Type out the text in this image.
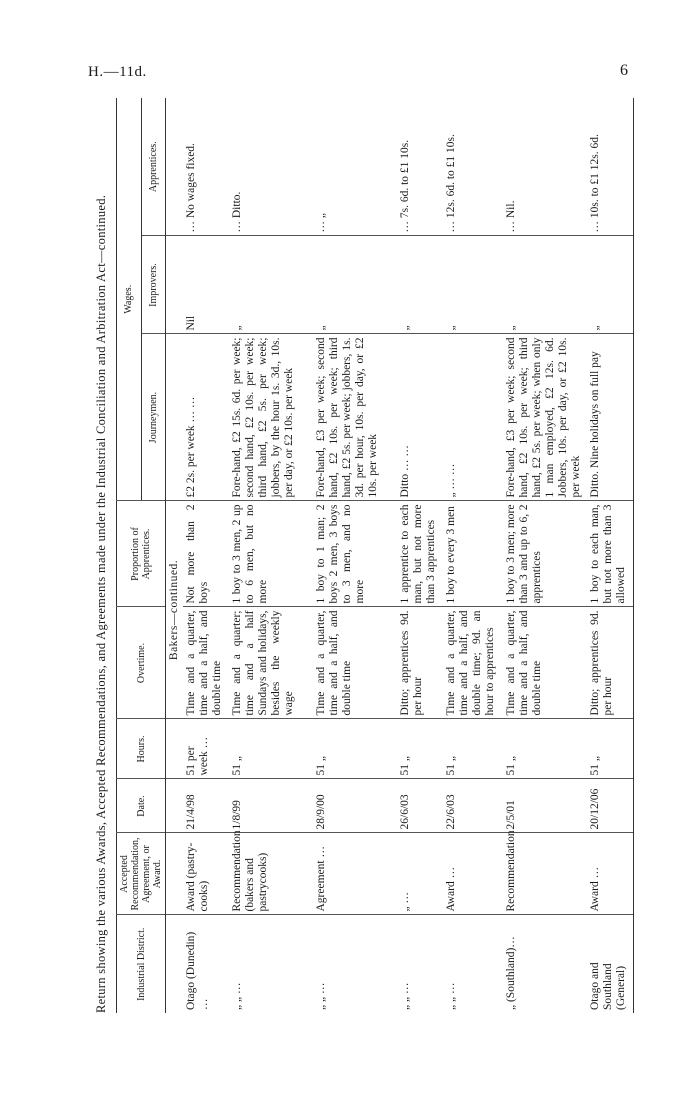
H.—11d.	6
Return showing the various Awards, Accepted Recommendations, and Agreements made under the Industrial Conciliation and Arbitration Act—continued.	Industrial District.	Accepted Recommendation, Agreement, or Award.	Date.	Hours.	Overtime.	Proportion of Apprentices.	Wages.		
						Journeymen.	Improvers.	Apprentices.
				Bakers—continued.				
Otago (Dunedin) …	Award (pastry-cooks)	21/4/98	51 per week …	Time and a quarter, time and a half, and double time	Not more than 2 boys	£2 2s. per week … …	Nil	… No wages fixed.
„ „ …	Recommendation (bakers and pastrycooks)	1/8/99	51 „	Time and a quarter; time and a half Sundays and holidays, besides the weekly wage	1 boy to 3 men, 2 up to 6 men, but no more	Fore-hand, £2 15s. 6d. per week; second hand, £2 10s. per week; third hand, £2 5s. per week; jobbers, by the hour 1s. 3d., 10s. per day, or £2 10s. per week	„	… Ditto.
„ „ …	Agreement …	28/9/00	51 „	Time and a quarter, time and a half, and double time	1 boy to 1 man; 2 boys 2 men, 3 boys to 3 men, and no more	Fore-hand, £3 per week; second hand, £2 10s. per week; third hand, £2 5s. per week; jobbers, 1s. 3d. per hour, 10s. per day, or £2 10s. per week	„	… „
„ „ …	„ …	26/6/03	51 „	Ditto; apprentices 9d. per hour	1 apprentice to each man, but not more than 3 apprentices	Ditto … …	„	… 7s. 6d. to £1 10s.
„ „ …	Award …	22/6/03	51 „	Time and a quarter, time and a half, and double time; 9d. an hour to apprentices	1 boy to every 3 men	„ … …	„	… 12s. 6d. to £1 10s.
„ (Southland)…	Recommendation	2/5/01	51 „	Time and a quarter, time and a half, and double time	1 boy to 3 men; more than 3 and up to 6, 2 apprentices	Fore-hand, £3 per week; second hand, £2 10s. per week; third hand, £2 5s. per week; when only 1 man employed, £2 12s. 6d. Jobbers, 10s. per day, or £2 10s. per week	„	… Nil.
Otago and Southland (General)	Award …	20/12/06	51 „	Ditto; apprentices 9d. per hour	1 boy to each man, but not more than 3 allowed	Ditto. Nine holidays on full pay	„	… 10s. to £1 12s. 6d.
